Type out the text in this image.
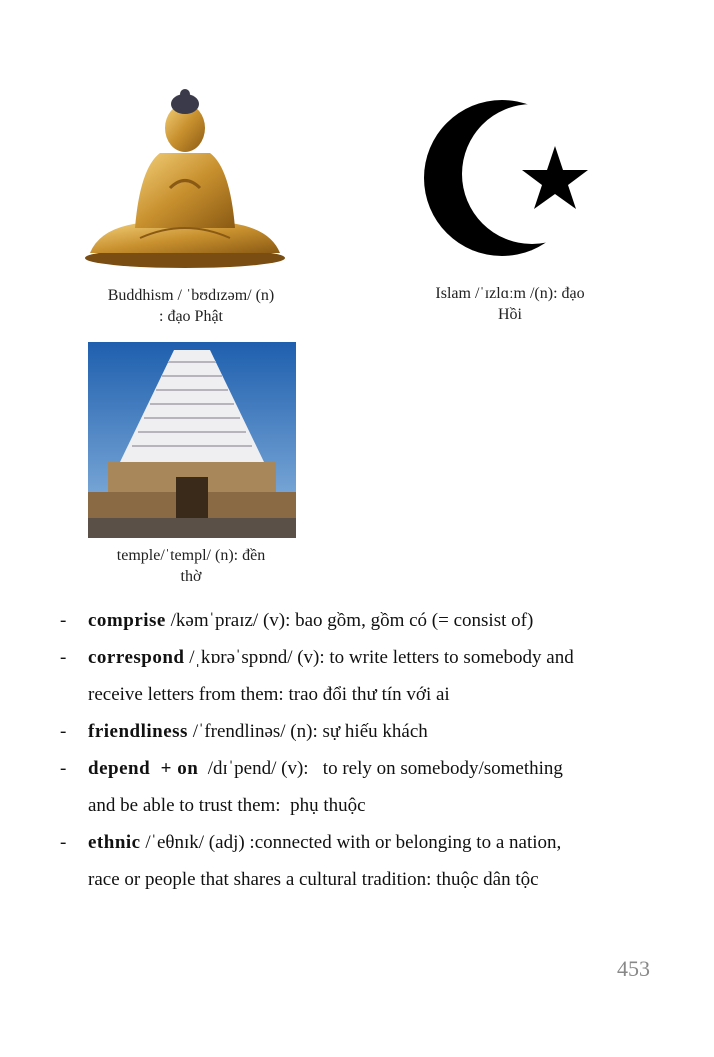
Buddhism / ˈbʊdɪzəm/ (n)
: đạo Phật
Islam /ˈɪzlɑːm /(n): đạo
Hồi
temple/ˈtempl/ (n): đền
thờ
- comprise /kəmˈpraɪz/ (v): bao gồm, gồm có (= consist of)
- correspond /ˌkɒrəˈspɒnd/ (v): to write letters to somebody and
receive letters from them: trao đổi thư tín với ai
- friendliness /ˈfrendlinəs/ (n): sự hiếu khách
- depend  + on  /dɪˈpend/ (v):   to rely on somebody/something
and be able to trust them:  phụ thuộc
- ethnic /ˈeθnɪk/ (adj) :connected with or belonging to a nation,
race or people that shares a cultural tradition: thuộc dân tộc
453
